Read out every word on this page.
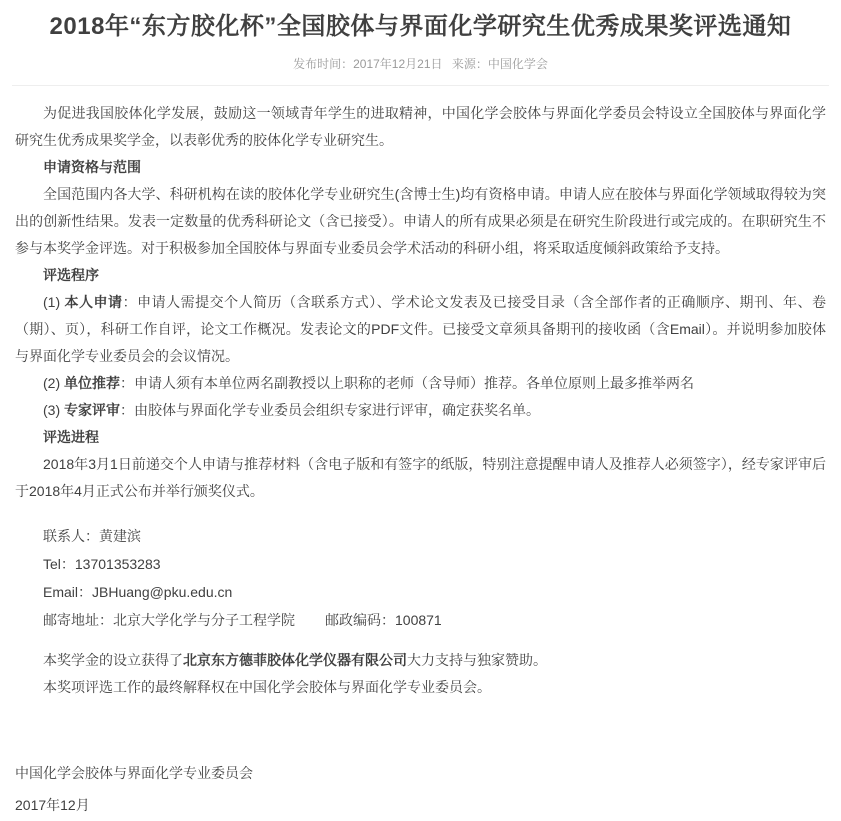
2018年“东方胶化杯”全国胶体与界面化学研究生优秀成果奖评选通知
发布时间：2017年12月21日 来源：中国化学会

为促进我国胶体化学发展，鼓励这一领域青年学生的进取精神，中国化学会胶体与界面化学委员会特设立全国胶体与界面化学研究生优秀成果奖学金，以表彰优秀的胶体化学专业研究生。

申请资格与范围

全国范围内各大学、科研机构在读的胶体化学专业研究生(含博士生)均有资格申请。申请人应在胶体与界面化学领域取得较为突出的创新性结果。发表一定数量的优秀科研论文（含已接受）。申请人的所有成果必须是在研究生阶段进行或完成的。在职研究生不参与本奖学金评选。对于积极参加全国胶体与界面专业委员会学术活动的科研小组，将采取适度倾斜政策给予支持。

评选程序

(1) 本人申请：申请人需提交个人简历（含联系方式）、学术论文发表及已接受目录（含全部作者的正确顺序、期刊、年、卷（期）、页），科研工作自评，论文工作概况。发表论文的PDF文件。已接受文章须具备期刊的接收函（含Email）。并说明参加胶体与界面化学专业委员会的会议情况。

(2) 单位推荐：申请人须有本单位两名副教授以上职称的老师（含导师）推荐。各单位原则上最多推举两名

(3) 专家评审：由胶体与界面化学专业委员会组织专家进行评审，确定获奖名单。

评选进程

2018年3月1日前递交个人申请与推荐材料（含电子版和有签字的纸版，特别注意提醒申请人及推荐人必须签字），经专家评审后于2018年4月正式公布并举行颁奖仪式。

联系人：黄建滨

Tel：13701353283

Email：JBHuang@pku.edu.cn

邮寄地址：北京大学化学与分子工程学院 邮政编码：100871

本奖学金的设立获得了北京东方德菲胶体化学仪器有限公司大力支持与独家赞助。

本奖项评选工作的最终解释权在中国化学会胶体与界面化学专业委员会。

中国化学会胶体与界面化学专业委员会

2017年12月
